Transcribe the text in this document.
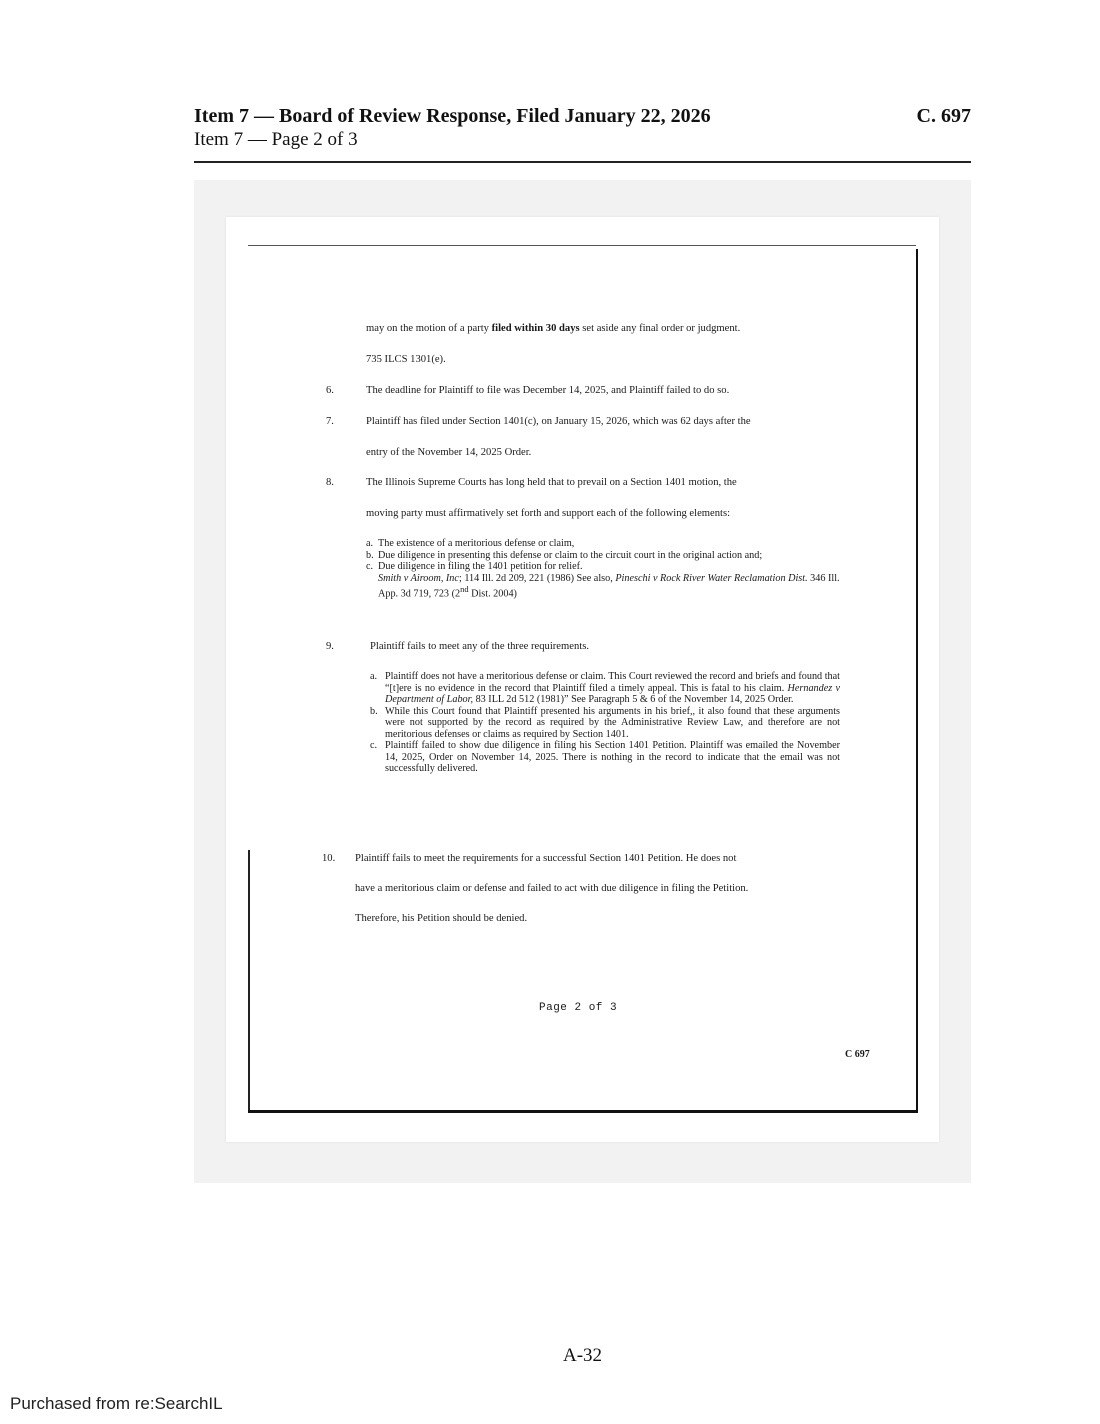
Item 7 — Board of Review Response, Filed January 22, 2026
Item 7 — Page 2 of 3
C. 697
may on the motion of a party filed within 30 days set aside any final order or judgment.
735 ILCS 1301(e).
6.	The deadline for Plaintiff to file was December 14, 2025, and Plaintiff failed to do so.
7.	Plaintiff has filed under Section 1401(c), on January 15, 2026, which was 62 days after the
entry of the November 14, 2025 Order.
8.	The Illinois Supreme Courts has long held that to prevail on a Section 1401 motion, the
moving party must affirmatively set forth and support each of the following elements:
a. The existence of a meritorious defense or claim,
b. Due diligence in presenting this defense or claim to the circuit court in the original action and;
c. Due diligence in filing the 1401 petition for relief.
Smith v Airoom, Inc; 114 Ill. 2d 209, 221 (1986) See also, Pineschi v Rock River Water Reclamation Dist. 346 Ill. App. 3d 719, 723 (2nd Dist. 2004)
9.	Plaintiff fails to meet any of the three requirements.
a. Plaintiff does not have a meritorious defense or claim. This Court reviewed the record and briefs and found that “[t]ere is no evidence in the record that Plaintiff filed a timely appeal. This is fatal to his claim. Hernandez v Department of Labor, 83 ILL 2d 512 (1981)” See Paragraph 5 & 6 of the November 14, 2025 Order.
b. While this Court found that Plaintiff presented his arguments in his brief,, it also found that these arguments were not supported by the record as required by the Administrative Review Law, and therefore are not meritorious defenses or claims as required by Section 1401.
c. Plaintiff failed to show due diligence in filing his Section 1401 Petition. Plaintiff was emailed the November 14, 2025, Order on November 14, 2025. There is nothing in the record to indicate that the email was not successfully delivered.
10. Plaintiff fails to meet the requirements for a successful Section 1401 Petition. He does not
have a meritorious claim or defense and failed to act with due diligence in filing the Petition.
Therefore, his Petition should be denied.
Page 2 of 3
C 697
A-32
Purchased from re:SearchIL
